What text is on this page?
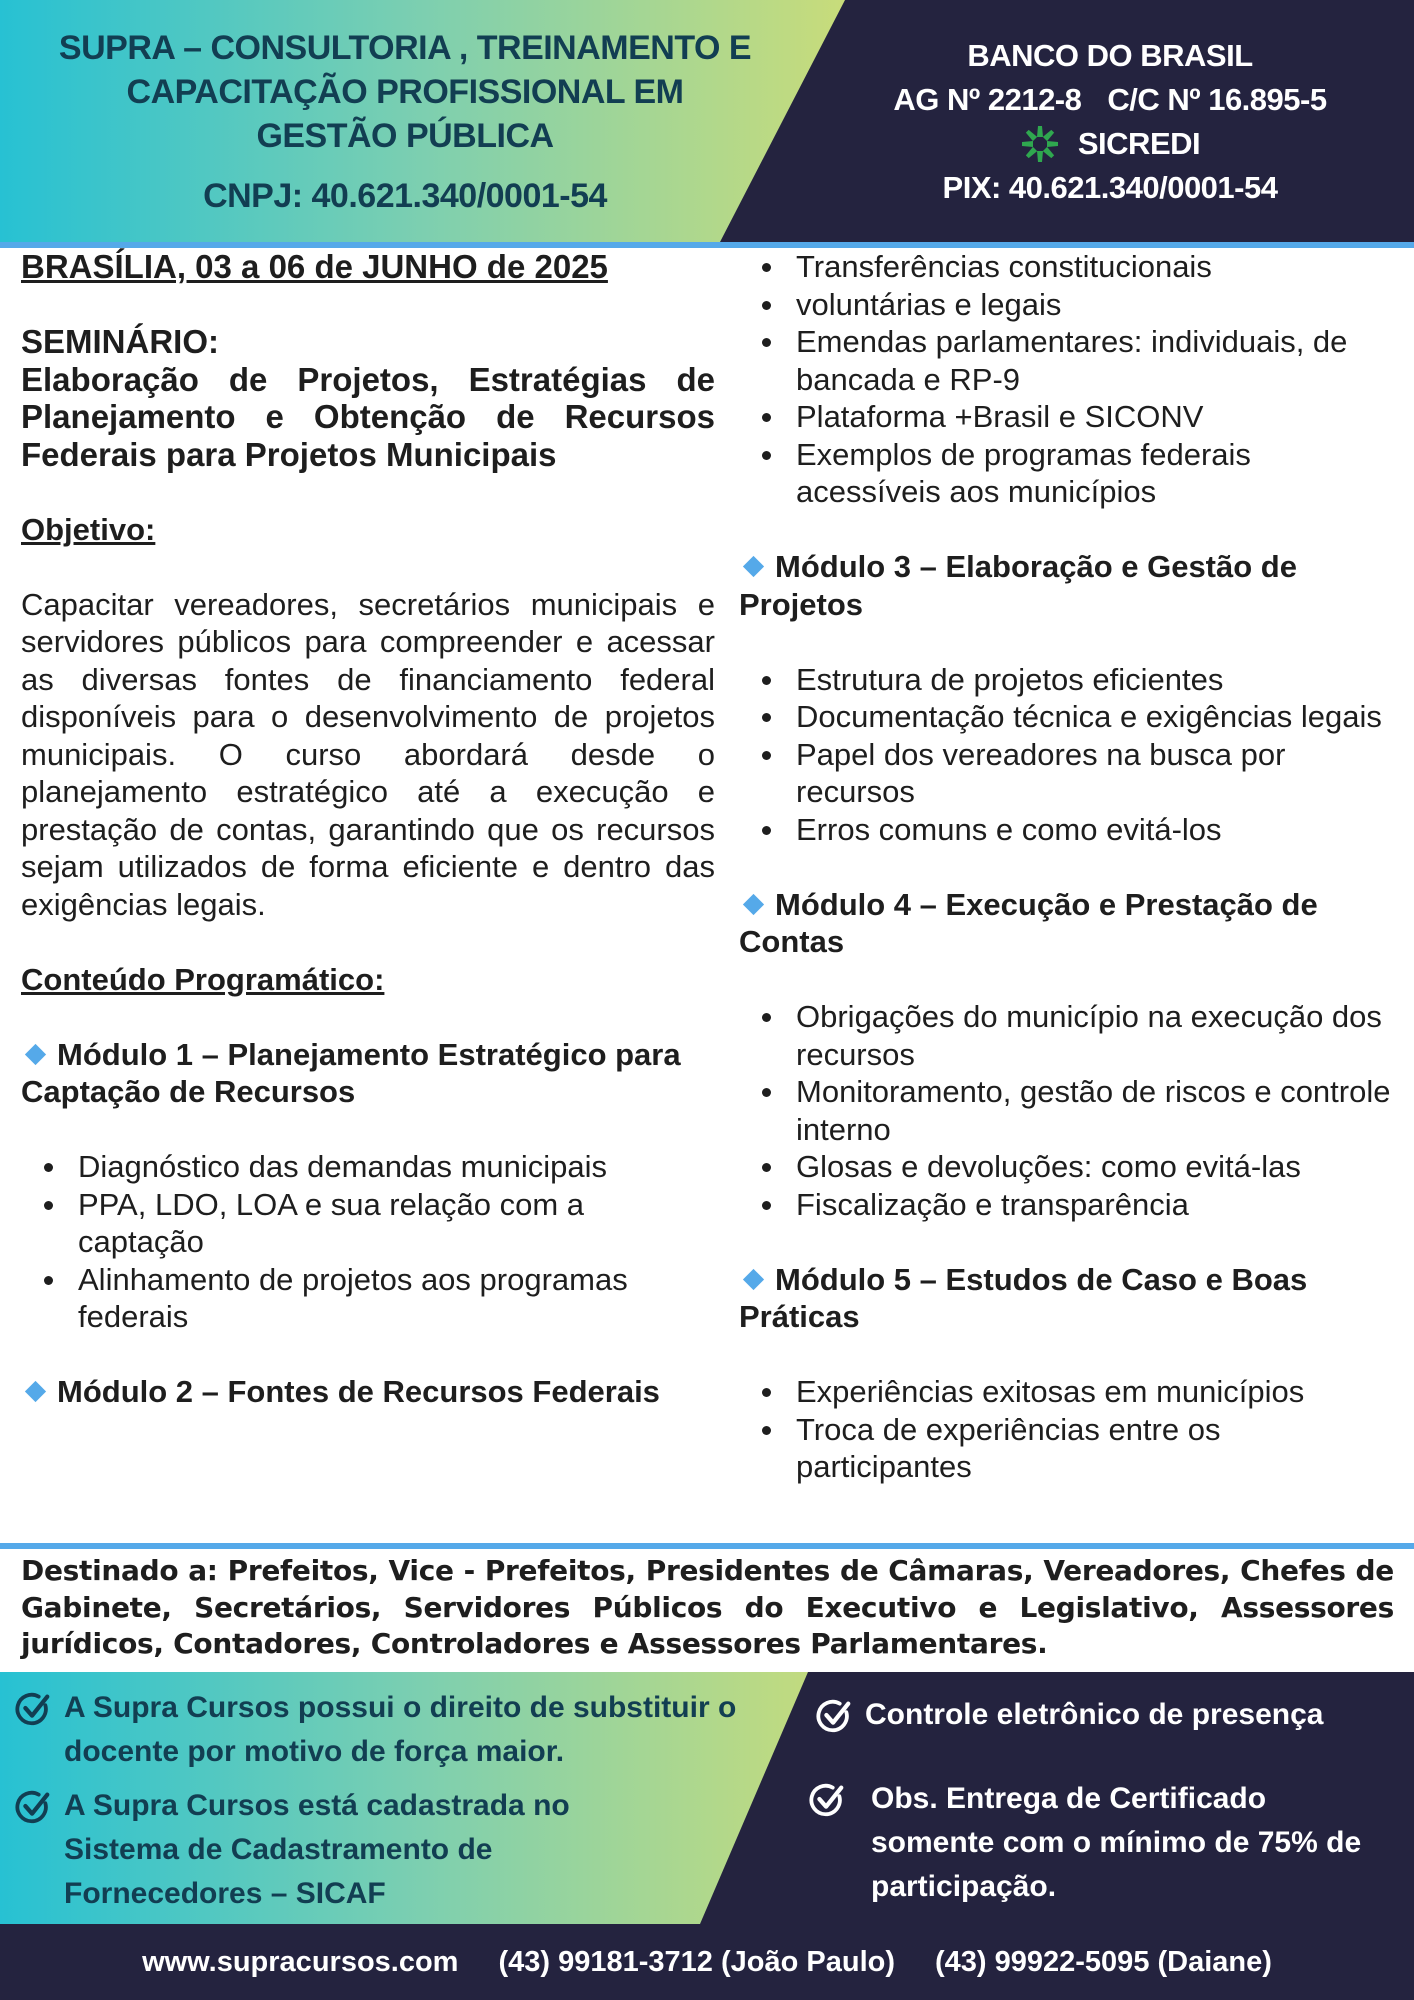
SUPRA – CONSULTORIA , TREINAMENTO E
CAPACITAÇÃO PROFISSIONAL EM
GESTÃO PÚBLICA
CNPJ: 40.621.340/0001-54
BANCO DO BRASIL
AG Nº 2212-8 C/C Nº 16.895-5
SICREDI
PIX: 40.621.340/0001-54
BRASÍLIA, 03 a 06 de JUNHO de 2025
SEMINÁRIO:
Elaboração de Projetos, Estratégias de Planejamento e Obtenção de Recursos Federais para Projetos Municipais
Objetivo:
Capacitar vereadores, secretários municipais e servidores públicos para compreender e acessar as diversas fontes de financiamento federal disponíveis para o desenvolvimento de projetos municipais. O curso abordará desde o planejamento estratégico até a execução e prestação de contas, garantindo que os recursos sejam utilizados de forma eficiente e dentro das exigências legais.
Conteúdo Programático:
Módulo 1 – Planejamento Estratégico para Captação de Recursos
Diagnóstico das demandas municipais
PPA, LDO, LOA e sua relação com a captação
Alinhamento de projetos aos programas federais
Módulo 2 – Fontes de Recursos Federais
Transferências constitucionais
voluntárias e legais
Emendas parlamentares: individuais, de bancada e RP-9
Plataforma +Brasil e SICONV
Exemplos de programas federais acessíveis aos municípios
Módulo 3 – Elaboração e Gestão de Projetos
Estrutura de projetos eficientes
Documentação técnica e exigências legais
Papel dos vereadores na busca por recursos
Erros comuns e como evitá-los
Módulo 4 – Execução e Prestação de Contas
Obrigações do município na execução dos recursos
Monitoramento, gestão de riscos e controle interno
Glosas e devoluções: como evitá-las
Fiscalização e transparência
Módulo 5 – Estudos de Caso e Boas Práticas
Experiências exitosas em municípios
Troca de experiências entre os participantes
Destinado a: Prefeitos, Vice - Prefeitos, Presidentes de Câmaras, Vereadores, Chefes de Gabinete, Secretários, Servidores Públicos do Executivo e Legislativo, Assessores jurídicos, Contadores, Controladores e Assessores Parlamentares.
A Supra Cursos possui o direito de substituir o docente por motivo de força maior.
A Supra Cursos está cadastrada no Sistema de Cadastramento de Fornecedores – SICAF
Controle eletrônico de presença
Obs. Entrega de Certificado somente com o mínimo de 75% de participação.
www.supracursos.com (43) 99181-3712 (João Paulo) (43) 99922-5095 (Daiane)
